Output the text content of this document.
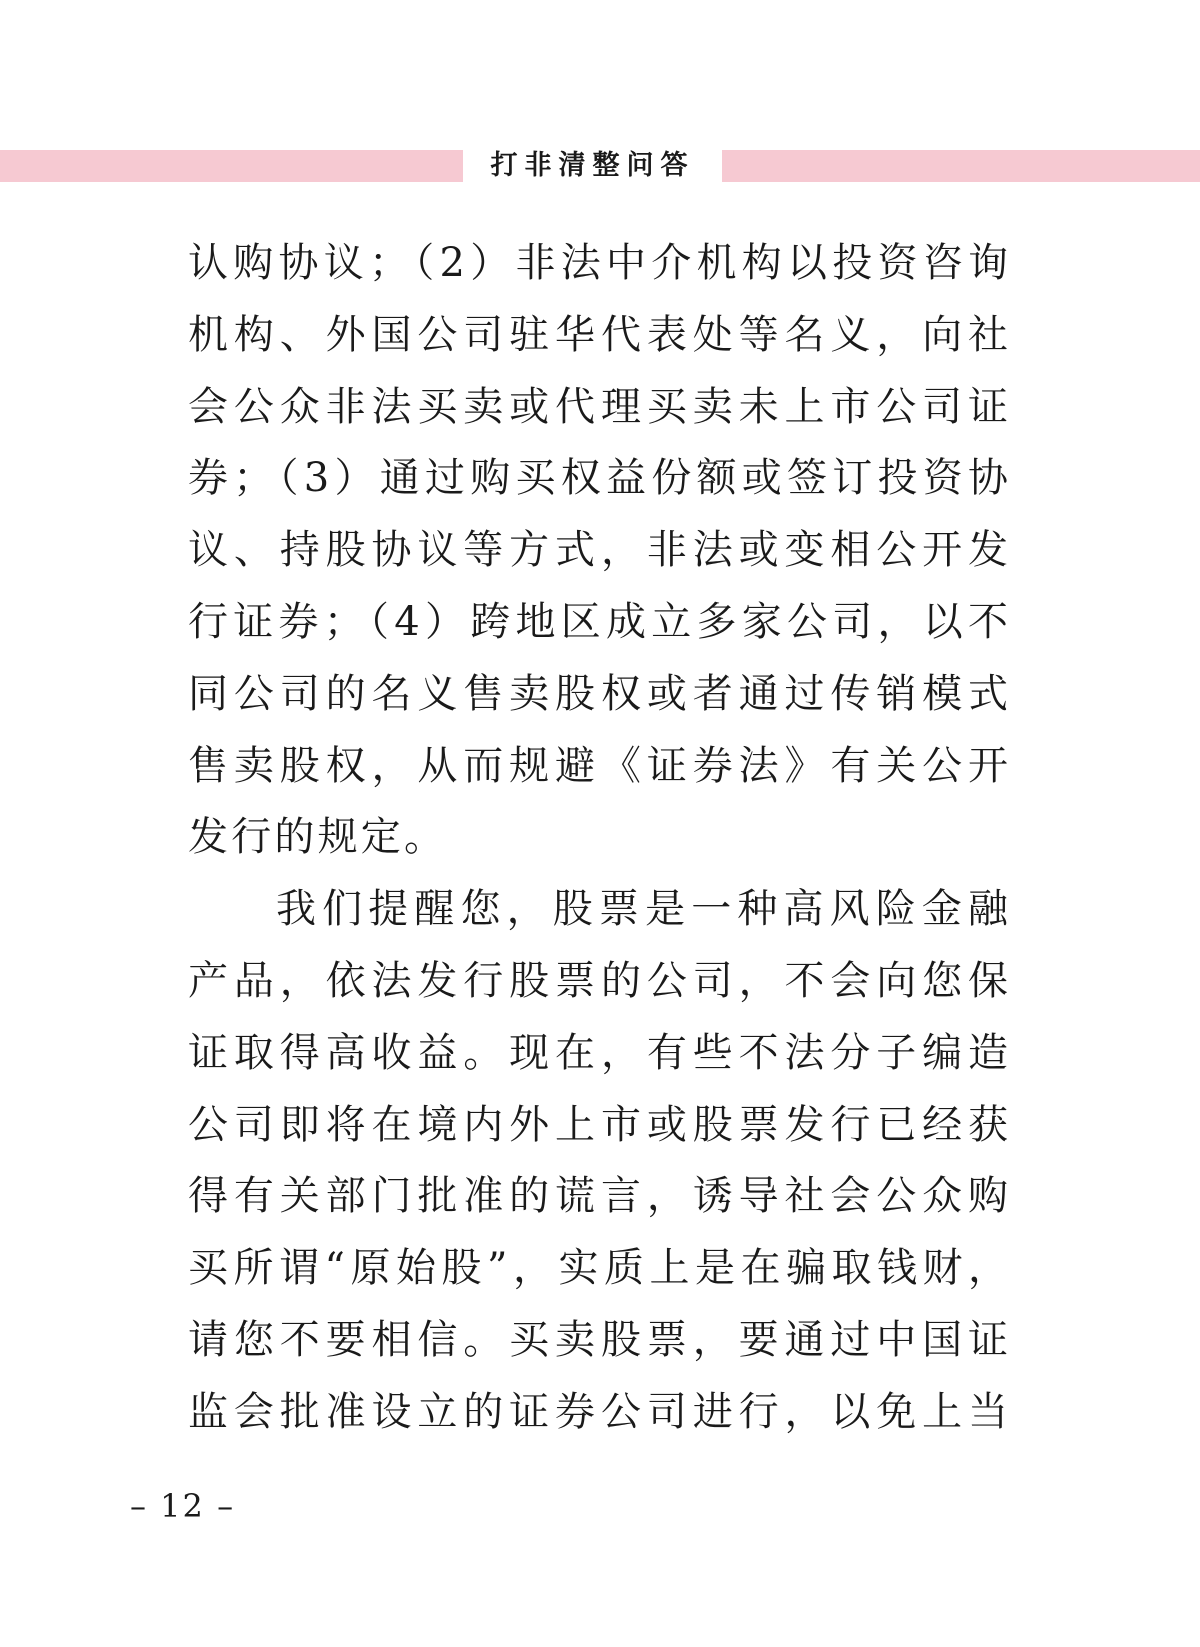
打非清整问答
认购协议；（2）非法中介机构以投资咨询
机构、外国公司驻华代表处等名义，向社
会公众非法买卖或代理买卖未上市公司证
券；（3）通过购买权益份额或签订投资协
议、持股协议等方式，非法或变相公开发
行证券；（4）跨地区成立多家公司，以不
同公司的名义售卖股权或者通过传销模式
售卖股权，从而规避《证券法》有关公开
发行的规定。
我们提醒您，股票是一种高风险金融
产品，依法发行股票的公司，不会向您保
证取得高收益。现在，有些不法分子编造
公司即将在境内外上市或股票发行已经获
得有关部门批准的谎言，诱导社会公众购
买所谓“原始股”，实质上是在骗取钱财，
请您不要相信。买卖股票，要通过中国证
监会批准设立的证券公司进行，以免上当
– 12 –
